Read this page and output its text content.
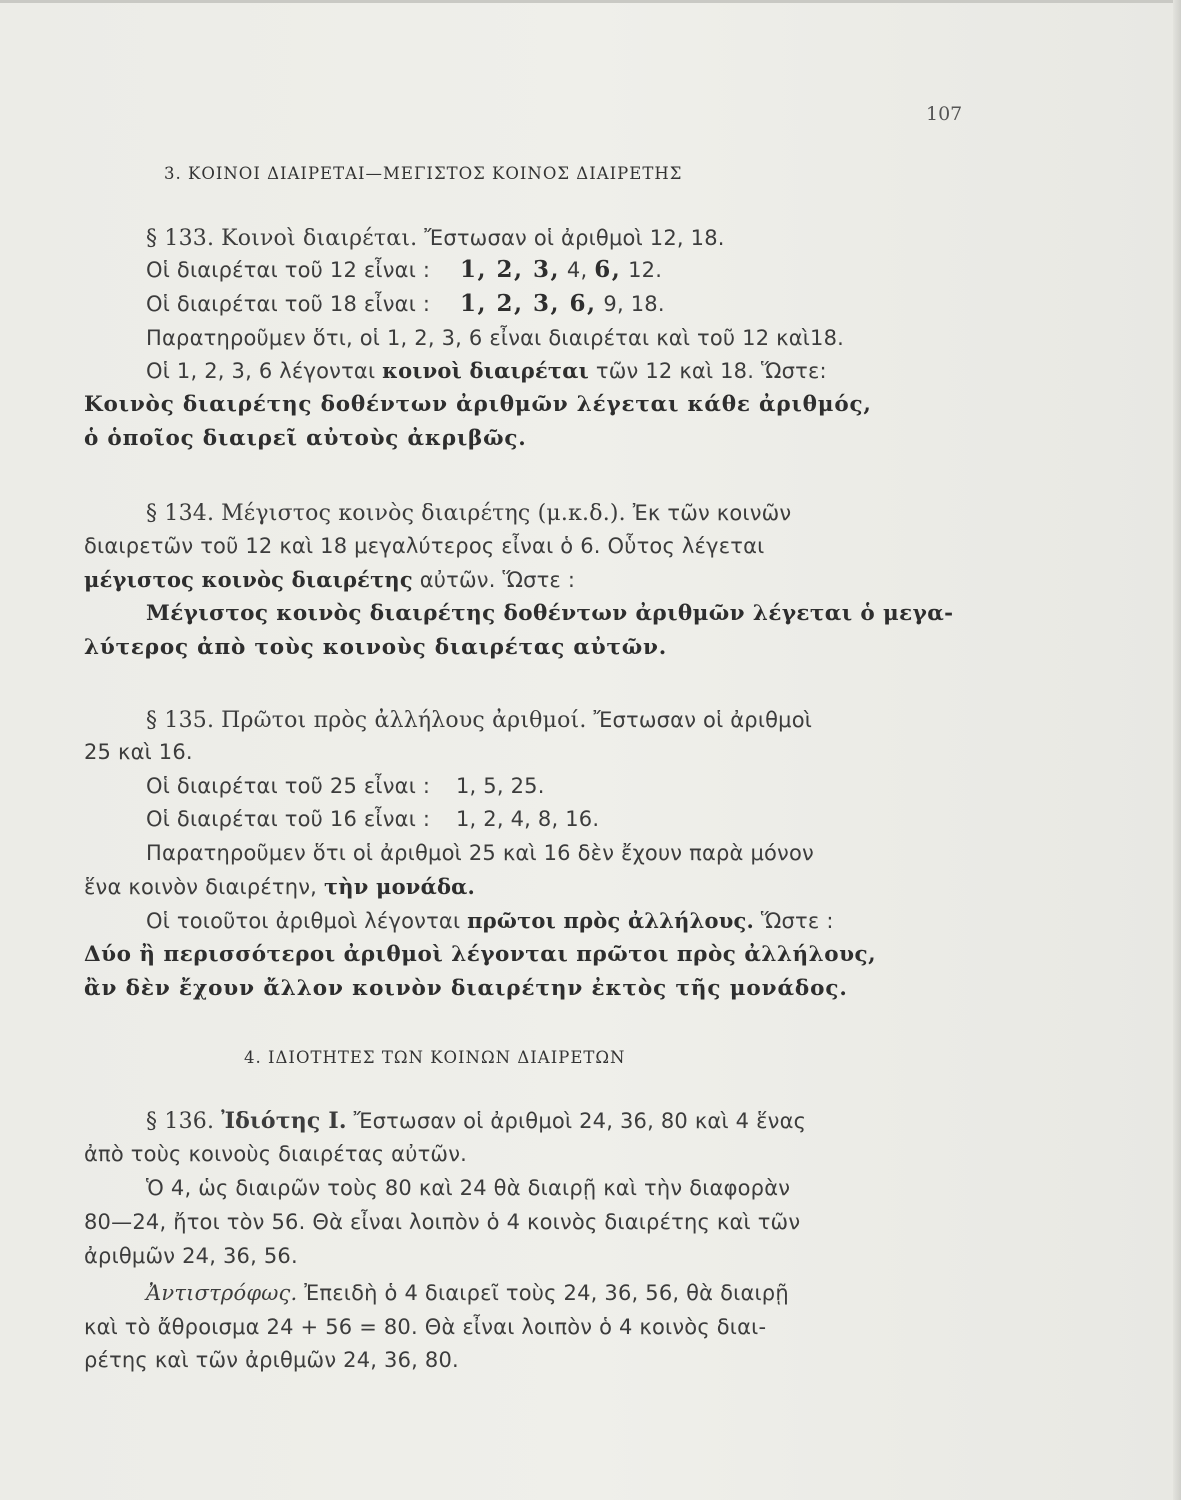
107
3. ΚΟΙΝΟΙ ΔΙΑΙΡΕΤΑΙ—ΜΕΓΙΣΤΟΣ ΚΟΙΝΟΣ ΔΙΑΙΡΕΤΗΣ
§ 133. Κοινοὶ διαιρέται. Ἔστωσαν οἱ ἀριθμοὶ 12, 18.
Οἱ διαιρέται τοῦ 12 εἶναι : 1, 2, 3, 4, 6, 12.
Οἱ διαιρέται τοῦ 18 εἶναι : 1, 2, 3, 6, 9, 18.
Παρατηροῦμεν ὅτι, οἱ 1, 2, 3, 6 εἶναι διαιρέται καὶ τοῦ 12 καὶ18.
Οἱ 1, 2, 3, 6 λέγονται κοινοὶ διαιρέται τῶν 12 καὶ 18. Ὥστε:
Κοινὸς διαιρέτης δοθέντων ἀριθμῶν λέγεται κάθε ἀριθμός,
ὁ ὁποῖος διαιρεῖ αὐτοὺς ἀκριβῶς.
§ 134. Μέγιστος κοινὸς διαιρέτης (μ.κ.δ.). Ἐκ τῶν κοινῶν
διαιρετῶν τοῦ 12 καὶ 18 μεγαλύτερος εἶναι ὁ 6. Οὗτος λέγεται
μέγιστος κοινὸς διαιρέτης αὐτῶν. Ὥστε :
Μέγιστος κοινὸς διαιρέτης δοθέντων ἀριθμῶν λέγεται ὁ μεγα-
λύτερος ἀπὸ τοὺς κοινοὺς διαιρέτας αὐτῶν.
§ 135. Πρῶτοι πρὸς ἀλλήλους ἀριθμοί. Ἔστωσαν οἱ ἀριθμοὶ
25 καὶ 16.
Οἱ διαιρέται τοῦ 25 εἶναι : 1, 5, 25.
Οἱ διαιρέται τοῦ 16 εἶναι : 1, 2, 4, 8, 16.
Παρατηροῦμεν ὅτι οἱ ἀριθμοὶ 25 καὶ 16 δὲν ἔχουν παρὰ μόνον
ἕνα κοινὸν διαιρέτην, τὴν μονάδα.
Οἱ τοιοῦτοι ἀριθμοὶ λέγονται πρῶτοι πρὸς ἀλλήλους. Ὥστε :
Δύο ἢ περισσότεροι ἀριθμοὶ λέγονται πρῶτοι πρὸς ἀλλήλους,
ἂν δὲν ἔχουν ἄλλον κοινὸν διαιρέτην ἐκτὸς τῆς μονάδος.
4. ΙΔΙΟΤΗΤΕΣ ΤΩΝ ΚΟΙΝΩΝ ΔΙΑΙΡΕΤΩΝ
§ 136. Ἰδιότης I. Ἔστωσαν οἱ ἀριθμοὶ 24, 36, 80 καὶ 4 ἕνας
ἀπὸ τοὺς κοινοὺς διαιρέτας αὐτῶν.
Ὁ 4, ὡς διαιρῶν τοὺς 80 καὶ 24 θὰ διαιρῇ καὶ τὴν διαφορὰν
80—24, ἤτοι τὸν 56. Θὰ εἶναι λοιπὸν ὁ 4 κοινὸς διαιρέτης καὶ τῶν
ἀριθμῶν 24, 36, 56.
Ἀντιστρόφως. Ἐπειδὴ ὁ 4 διαιρεῖ τοὺς 24, 36, 56, θὰ διαιρῇ
καὶ τὸ ἄθροισμα 24 + 56 = 80. Θὰ εἶναι λοιπὸν ὁ 4 κοινὸς διαι-
ρέτης καὶ τῶν ἀριθμῶν 24, 36, 80.
